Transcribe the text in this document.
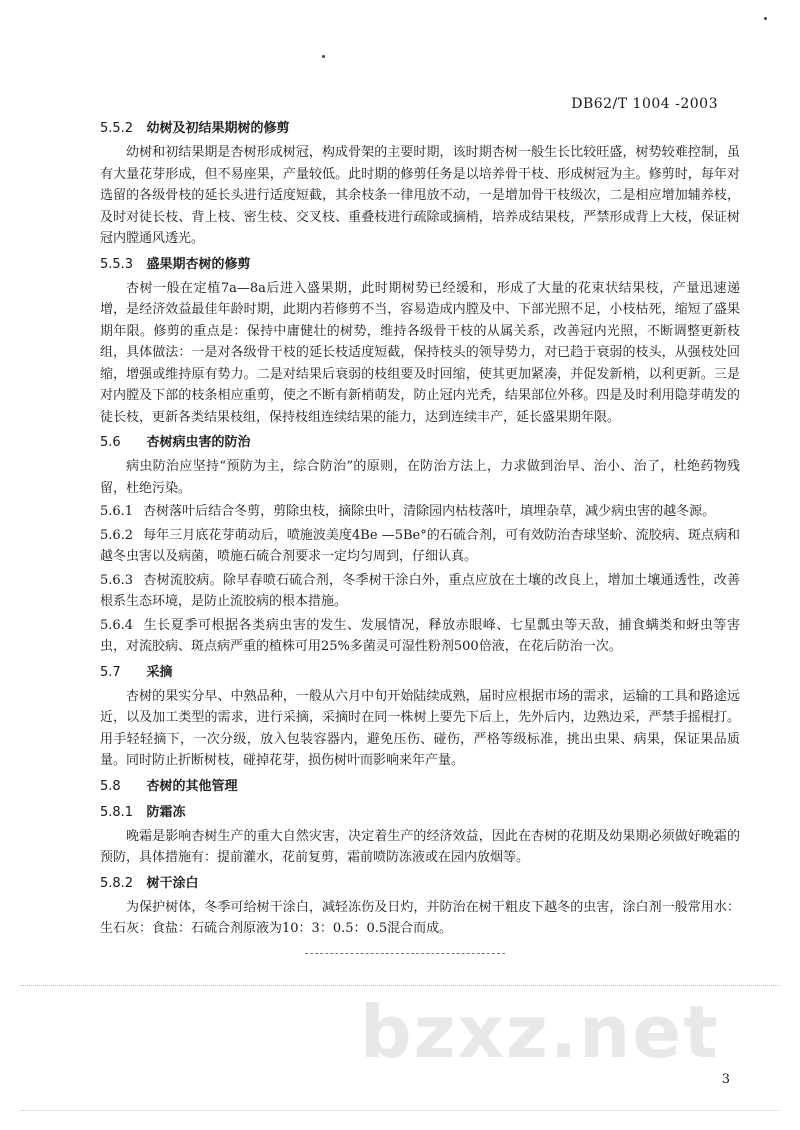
DB62/T 1004 -2003
5.5.2 幼树及初结果期树的修剪

幼树和初结果期是杏树形成树冠，构成骨架的主要时期，该时期杏树一般生长比较旺盛，树势较难控制，虽有大量花芽形成，但不易座果，产量较低。此时期的修剪任务是以培养骨干枝、形成树冠为主。修剪时，每年对选留的各级骨枝的延长头进行适度短截，其余枝条一律甩放不动，一是增加骨干枝级次，二是相应增加辅养枝，及时对徒长枝、背上枝、密生枝、交叉枝、重叠枝进行疏除或摘梢，培养成结果枝，严禁形成背上大枝，保证树冠内膛通风透光。

5.5.3 盛果期杏树的修剪

杏树一般在定植7a—8a后进入盛果期，此时期树势已经缓和，形成了大量的花束状结果枝，产量迅速递增，是经济效益最佳年龄时期，此期内若修剪不当，容易造成内膛及中、下部光照不足，小枝枯死，缩短了盛果期年限。修剪的重点是：保持中庸健壮的树势，维持各级骨干枝的从属关系，改善冠内光照，不断调整更新枝组，具体做法：一是对各级骨干枝的延长枝适度短截，保持枝头的领导势力，对已趋于衰弱的枝头，从强枝处回缩，增强或维持原有势力。二是对结果后衰弱的枝组要及时回缩，使其更加紧凑，并促发新梢，以利更新。三是对内膛及下部的枝条相应重剪，使之不断有新梢萌发，防止冠内光秃，结果部位外移。四是及时利用隐芽萌发的徒长枝，更新各类结果枝组，保持枝组连续结果的能力，达到连续丰产，延长盛果期年限。

5.6 杏树病虫害的防治

病虫防治应坚持“预防为主，综合防治”的原则，在防治方法上，力求做到治早、治小、治了，杜绝药物残留，杜绝污染。

5.6.1 杏树落叶后结合冬剪，剪除虫枝，摘除虫叶，清除园内枯枝落叶，填埋杂草，减少病虫害的越冬源。

5.6.2 每年三月底花芽萌动后，喷施波美度4Be —5Be°的石硫合剂，可有效防治杏球坚蚧、流胶病、斑点病和越冬虫害以及病菌，喷施石硫合剂要求一定均匀周到，仔细认真。

5.6.3 杏树流胶病。除早春喷石硫合剂，冬季树干涂白外，重点应放在土壤的改良上，增加土壤通透性，改善根系生态环境，是防止流胶病的根本措施。

5.6.4 生长夏季可根据各类病虫害的发生、发展情况，释放赤眼峰、七星瓢虫等天敌，捕食螨类和蚜虫等害虫，对流胶病、斑点病严重的植株可用25%多菌灵可湿性粉剂500倍液，在花后防治一次。

5.7 采摘

杏树的果实分早、中熟品种，一般从六月中旬开始陆续成熟，届时应根据市场的需求，运输的工具和路途远近，以及加工类型的需求，进行采摘，采摘时在同一株树上要先下后上，先外后内，边熟边采，严禁手摇棍打。用手轻轻摘下，一次分级，放入包装容器内，避免压伤、碰伤，严格等级标准，挑出虫果、病果，保证果品质量。同时防止折断树枝，碰掉花芽，损伤树叶而影响来年产量。

5.8 杏树的其他管理
5.8.1 防霜冻

晚霜是影响杏树生产的重大自然灾害，决定着生产的经济效益，因此在杏树的花期及幼果期必须做好晚霜的预防，具体措施有：提前灌水，花前复剪，霜前喷防冻液或在园内放烟等。

5.8.2 树干涂白

为保护树体，冬季可给树干涂白，减轻冻伤及日灼，并防治在树干粗皮下越冬的虫害，涂白剂一般常用水：生石灰：食盐：石硫合剂原液为10：3：0.5：0.5混合而成。

bzxz.net
3
